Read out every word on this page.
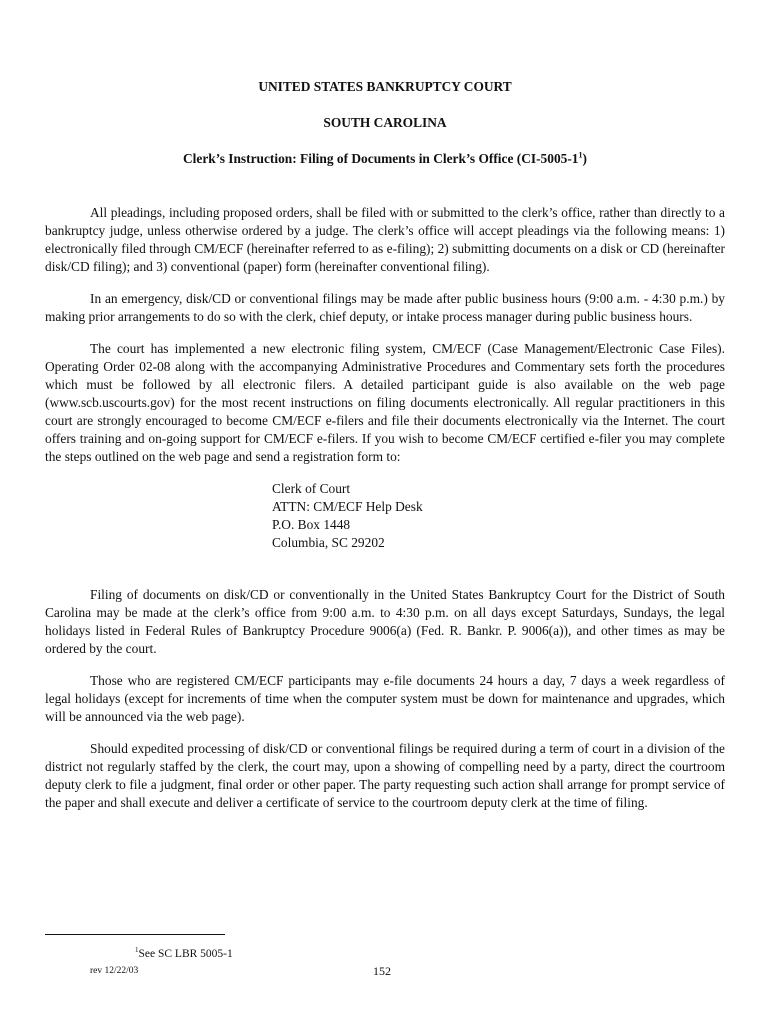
UNITED STATES BANKRUPTCY COURT
SOUTH CAROLINA
Clerk’s Instruction: Filing of Documents in Clerk’s Office $(CI-5005-1^1)$

All pleadings, including proposed orders, shall be filed with or submitted to the clerk’s office, rather than directly to a bankruptcy judge, unless otherwise ordered by a judge. The clerk’s office will accept pleadings via the following means: 1) electronically filed through CM/ECF (hereinafter referred to as e-filing); 2) submitting documents on a disk or CD (hereinafter disk/CD filing); and 3) conventional (paper) form (hereinafter conventional filing).

In an emergency, disk/CD or conventional filings may be made after public business hours (9:00 a.m. - 4:30 p.m.) by making prior arrangements to do so with the clerk, chief deputy, or intake process manager during public business hours.

The court has implemented a new electronic filing system, CM/ECF (Case Management/Electronic Case Files). Operating Order 02-08 along with the accompanying Administrative Procedures and Commentary sets forth the procedures which must be followed by all electronic filers. A detailed participant guide is also available on the web page (www.scb.uscourts.gov) for the most recent instructions on filing documents electronically. All regular practitioners in this court are strongly encouraged to become CM/ECF e-filers and file their documents electronically via the Internet. The court offers training and on-going support for CM/ECF e-filers. If you wish to become CM/ECF certified e-filer you may complete the steps outlined on the web page and send a registration form to:

Clerk of Court
ATTN: CM/ECF Help Desk
P.O. Box 1448
Columbia, SC 29202

Filing of documents on disk/CD or conventionally in the United States Bankruptcy Court for the District of South Carolina may be made at the clerk’s office from 9:00 a.m. to 4:30 p.m. on all days except Saturdays, Sundays, the legal holidays listed in Federal Rules of Bankruptcy Procedure 9006(a) (Fed. R. Bankr. P. 9006(a)), and other times as may be ordered by the court.

Those who are registered CM/ECF participants may e-file documents 24 hours a day, 7 days a week regardless of legal holidays (except for increments of time when the computer system must be down for maintenance and upgrades, which will be announced via the web page).

Should expedited processing of disk/CD or conventional filings be required during a term of court in a division of the district not regularly staffed by the clerk, the court may, upon a showing of compelling need by a party, direct the courtroom deputy clerk to file a judgment, final order or other paper. The party requesting such action shall arrange for prompt service of the paper and shall execute and deliver a certificate of service to the courtroom deputy clerk at the time of filing.

$^1$See SC LBR 5005-1
rev 12/22/03	152
